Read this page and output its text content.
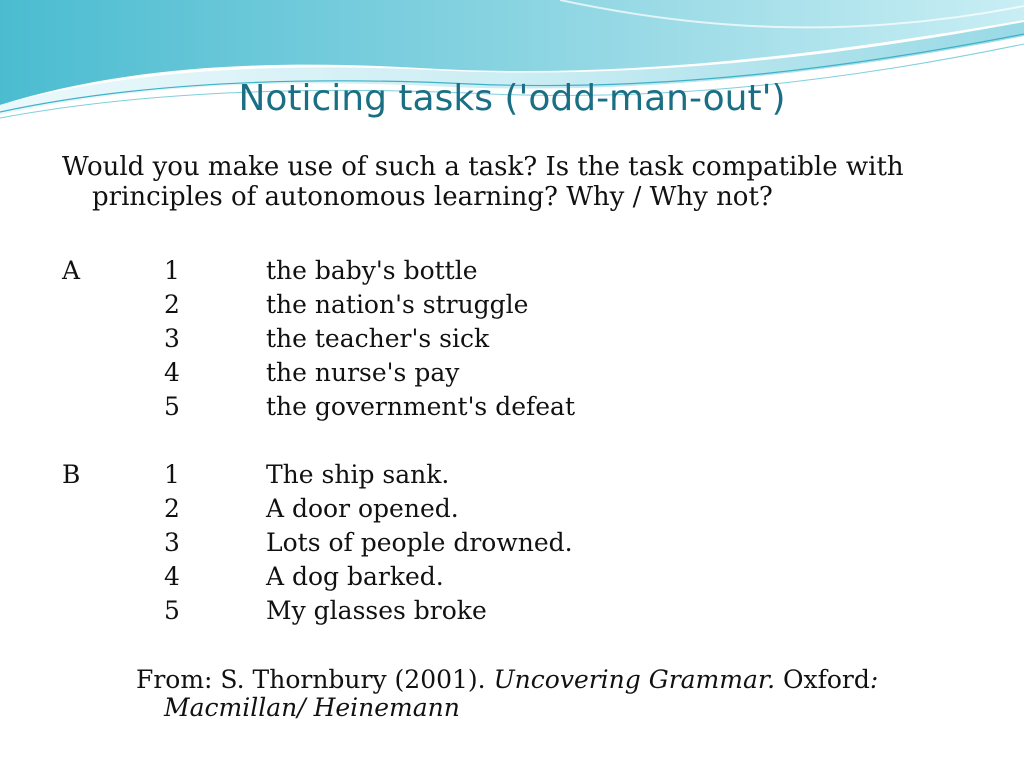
Noticing tasks ('odd-man-out')
Would you make use of such a task? Is the task compatible with principles of autonomous learning? Why / Why not?
A	1	the baby's bottle
2	the nation's struggle
3	the teacher's sick
4	the nurse's pay
5	the government's defeat
B	1	The ship sank.
2	A door opened.
3	Lots of people drowned.
4	A dog barked.
5	My glasses broke
From: S. Thornbury (2001). Uncovering Grammar. Oxford: Macmillan/ Heinemann
